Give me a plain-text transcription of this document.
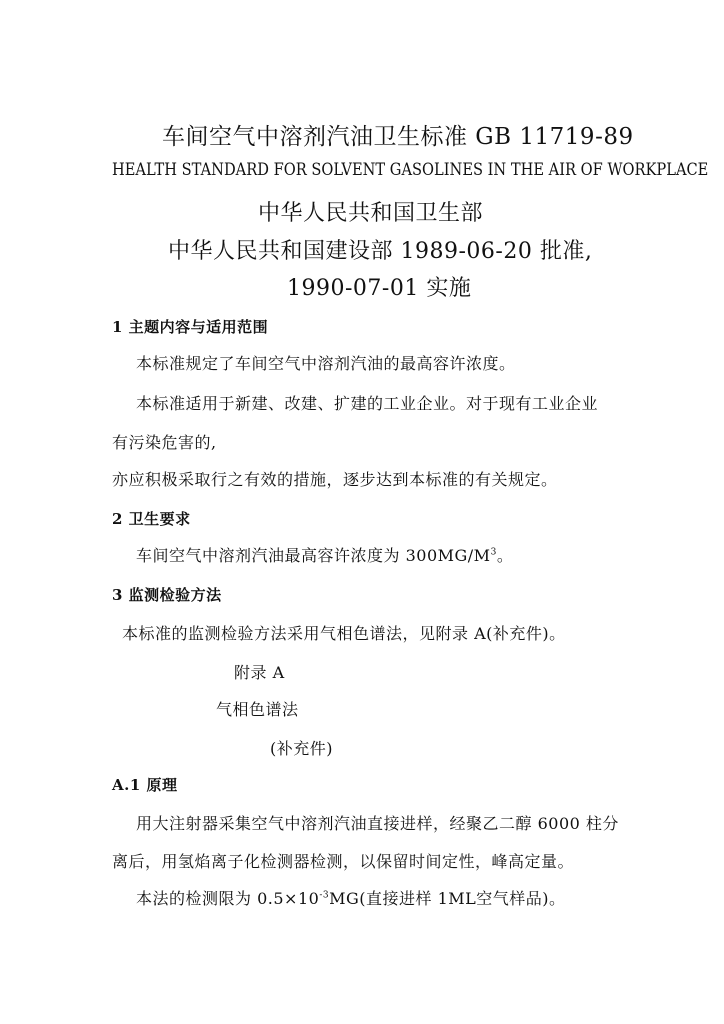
车间空气中溶剂汽油卫生标准 GB 11719-89
HEALTH STANDARD FOR SOLVENT GASOLINES IN THE AIR OF WORKPLACE
中华人民共和国卫生部
中华人民共和国建设部 1989-06-20 批准,
1990-07-01 实施
1 主题内容与适用范围
本标准规定了车间空气中溶剂汽油的最高容许浓度。
本标准适用于新建、改建、扩建的工业企业。对于现有工业企业
有污染危害的,
亦应积极采取行之有效的措施，逐步达到本标准的有关规定。
2 卫生要求
车间空气中溶剂汽油最高容许浓度为 $300MG/M^3$。
3 监测检验方法
本标准的监测检验方法采用气相色谱法，见附录 A(补充件)。
附录 A
气相色谱法
(补充件)
A.1 原理
用大注射器采集空气中溶剂汽油直接进样，经聚乙二醇 6000 柱分
离后，用氢焰离子化检测器检测，以保留时间定性，峰高定量。
本法的检测限为 $0.5\times 10^{-3}MG$(直接进样 1ML空气样品)。
